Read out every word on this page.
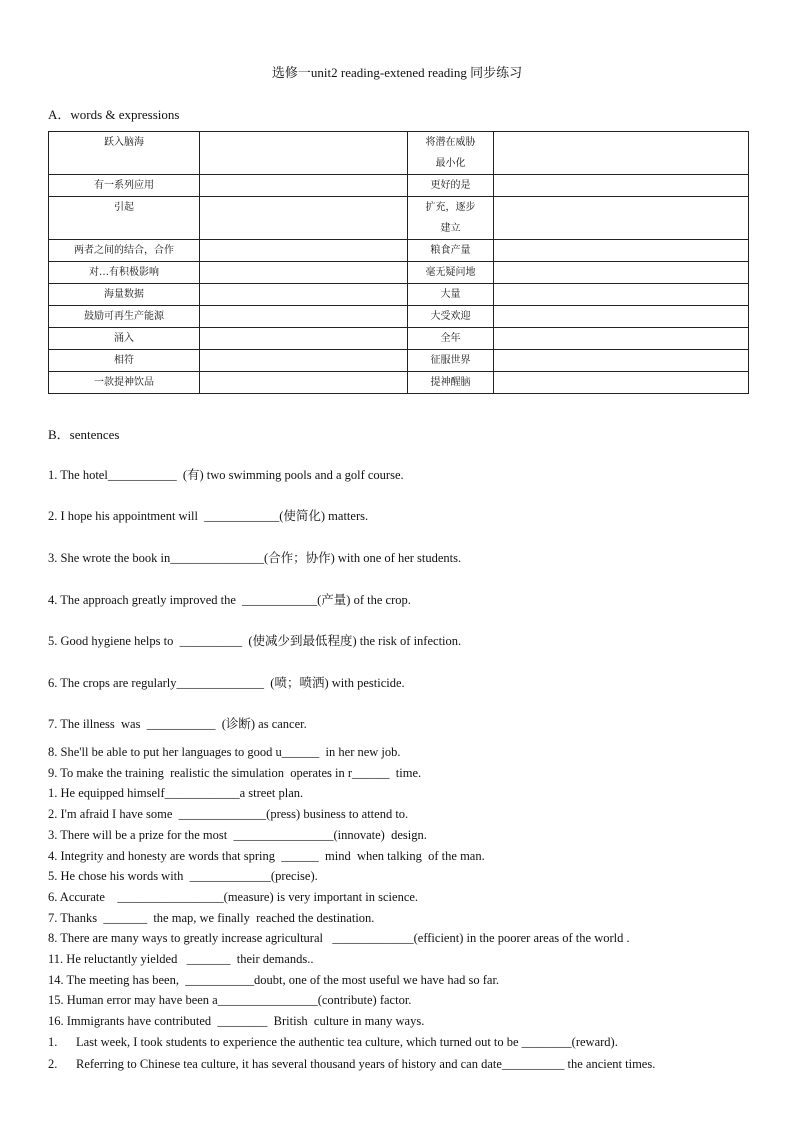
选修一unit2 reading-extened reading 同步练习
A．words & expressions
跃入脑海		将潜在威胁
最小化	
有一系列应用		更好的是	
引起		扩充，逐步
建立	
两者之间的结合，合作		粮食产量	
对…有积极影响		毫无疑问地	
海量数据		大量	
鼓励可再生产能源		大受欢迎	
涌入		全年	
相符		征服世界	
一款提神饮品		提神醒脑	
B．sentences
1. The hotel___________  (有) two swimming pools and a golf course.
2. I hope his appointment will  ____________(使简化) matters.
3. She wrote the book in_______________(合作；协作) with one of her students.
4. The approach greatly improved the  ____________(产量) of the crop.
5. Good hygiene helps to  __________  (使减少到最低程度) the risk of infection.
6. The crops are regularly______________  (喷；喷洒) with pesticide.
7. The illness  was  ___________  (诊断) as cancer.
8. She'll be able to put her languages to good u______  in her new job.
9. To make the training  realistic the simulation  operates in r______  time.
1. He equipped himself____________a street plan.
2. I'm afraid I have some  ______________(press) business to attend to.
3. There will be a prize for the most  ________________(innovate)  design.
4. Integrity and honesty are words that spring  ______  mind  when talking  of the man.
5. He chose his words with  _____________(precise).
6. Accurate    _________________(measure) is very important in science.
7. Thanks  _______  the map, we finally  reached the destination.
8. There are many ways to greatly increase agricultural   _____________(efficient) in the poorer areas of the world .
11. He reluctantly yielded   _______  their demands..
14. The meeting has been,  ___________doubt, one of the most useful we have had so far.
15. Human error may have been a________________(contribute) factor.
16. Immigrants have contributed  ________  British  culture in many ways.
1. Last week, I took students to experience the authentic tea culture, which turned out to be ________(reward).
2. Referring to Chinese tea culture, it has several thousand years of history and can date__________ the ancient times.
